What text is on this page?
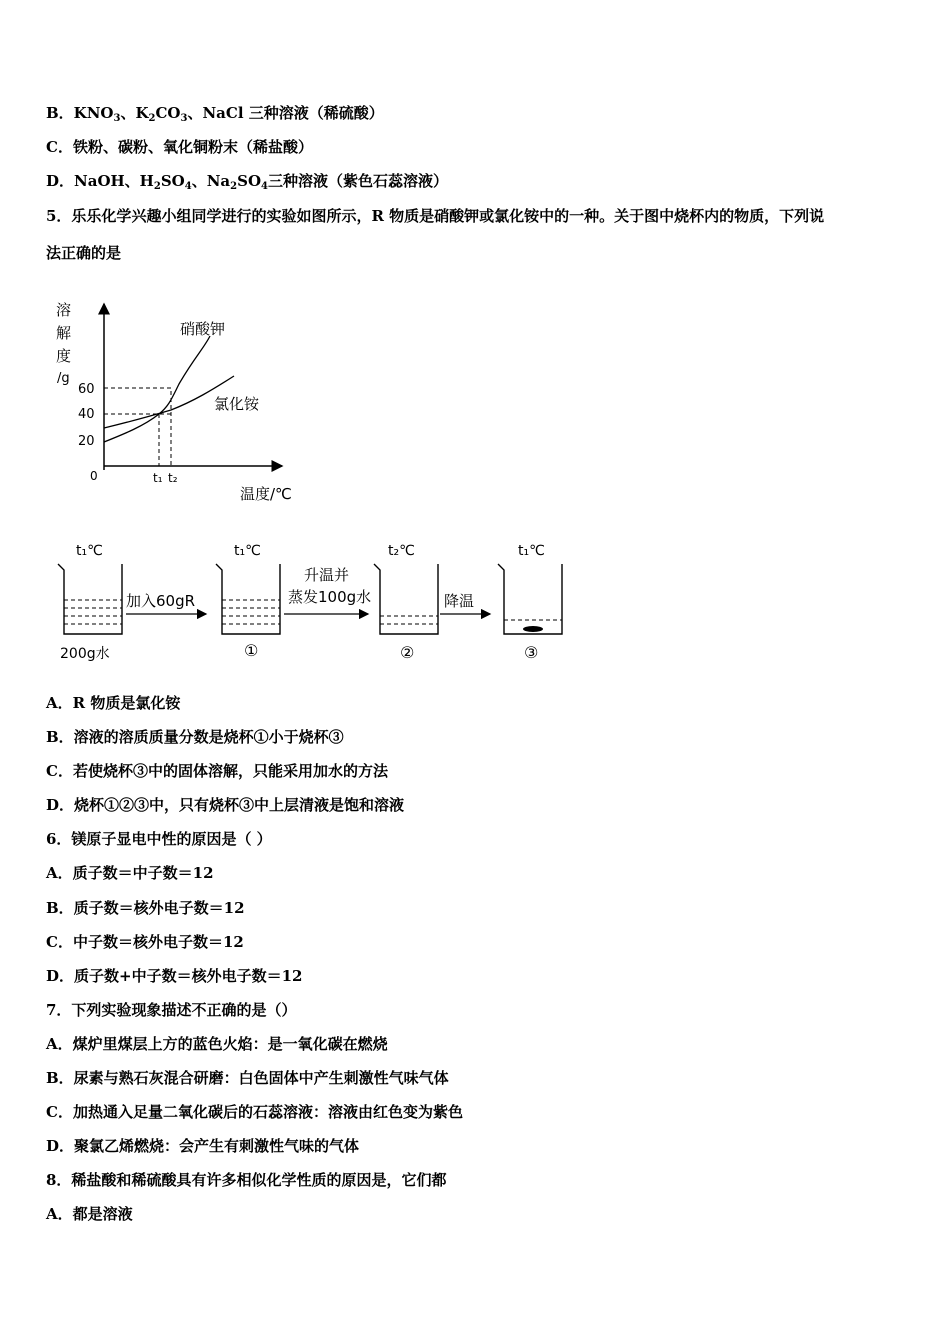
B．$KNO_3$、$K_2CO_3$、NaCl 三种溶液（稀硫酸）
C．铁粉、碳粉、氧化铜粉末（稀盐酸）
D．NaOH、$H_2SO_4$、$Na_2SO_4$三种溶液（紫色石蕊溶液）
5．乐乐化学兴趣小组同学进行的实验如图所示，R 物质是硝酸钾或氯化铵中的一种。关于图中烧杯内的物质，下列说
法正确的是
溶
解
度
/g
60
40
20
0	t₁ t₂
温度/℃
硝酸钾
氯化铵
t₁℃	t₁℃	t₂℃	t₁℃
加入60gR
升温并
蒸发100g水	降温
200g水	①	②	③
A．R 物质是氯化铵
B．溶液的溶质质量分数是烧杯①小于烧杯③
C．若使烧杯③中的固体溶解，只能采用加水的方法
D．烧杯①②③中，只有烧杯③中上层清液是饱和溶液
6．镁原子显电中性的原因是（ ）
A．质子数＝中子数＝12
B．质子数＝核外电子数＝12
C．中子数＝核外电子数＝12
D．质子数+中子数＝核外电子数＝12
7．下列实验现象描述不正确的是（）
A．煤炉里煤层上方的蓝色火焰：是一氧化碳在燃烧
B．尿素与熟石灰混合研磨：白色固体中产生刺激性气味气体
C．加热通入足量二氧化碳后的石蕊溶液：溶液由红色变为紫色
D．聚氯乙烯燃烧：会产生有刺激性气味的气体
8．稀盐酸和稀硫酸具有许多相似化学性质的原因是，它们都
A．都是溶液
